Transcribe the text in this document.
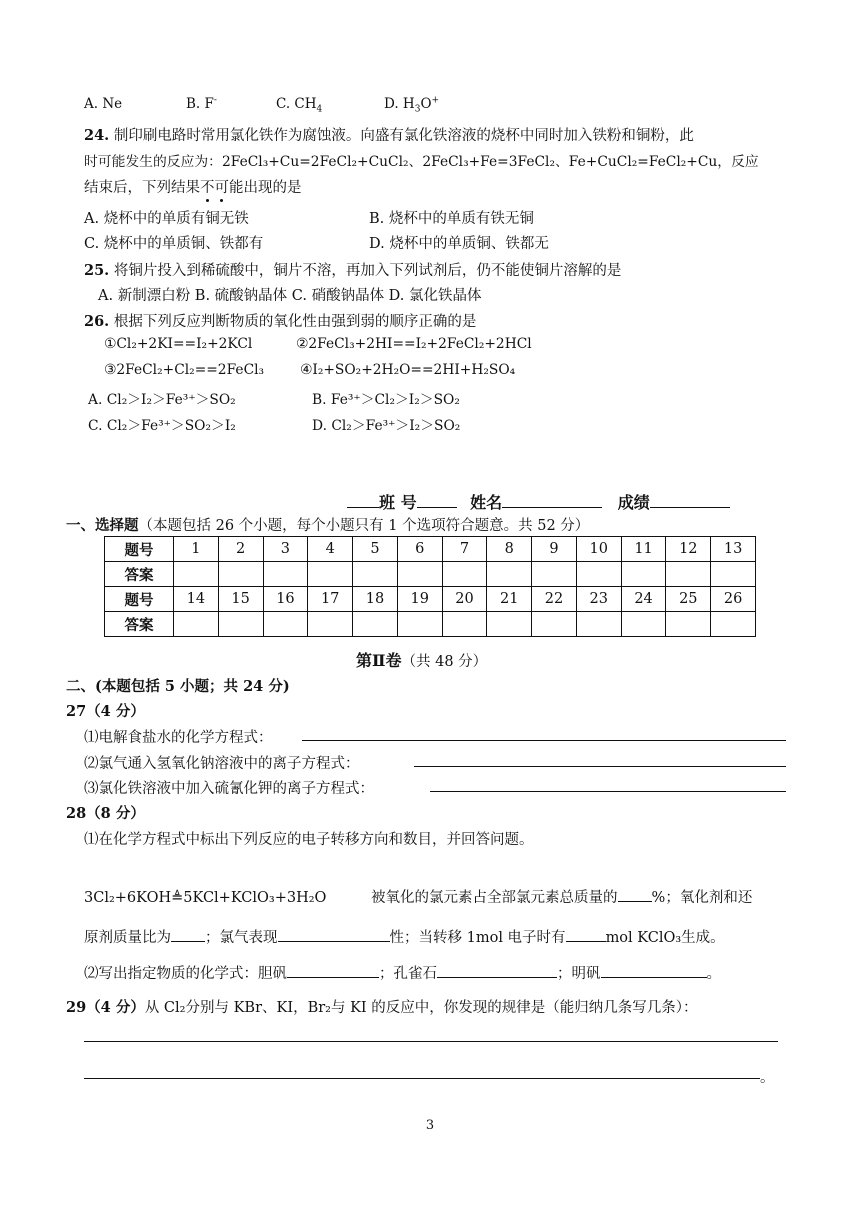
A. Ne	B. F-	C. $CH_4$	D. $H_3O^+$
24. 制印刷电路时常用氯化铁作为腐蚀液。向盛有氯化铁溶液的烧杯中同时加入铁粉和铜粉，此
时可能发生的反应为：2FeCl₃+Cu=2FeCl₂+CuCl₂、2FeCl₃+Fe=3FeCl₂、Fe+CuCl₂=FeCl₂+Cu，反应
结束后，下列结果不可能出现的是
A. 烧杯中的单质有铜无铁	B. 烧杯中的单质有铁无铜
C. 烧杯中的单质铜、铁都有	D. 烧杯中的单质铜、铁都无
25. 将铜片投入到稀硫酸中，铜片不溶，再加入下列试剂后，仍不能使铜片溶解的是
A. 新制漂白粉 B. 硫酸钠晶体 C. 硝酸钠晶体 D. 氯化铁晶体
26. 根据下列反应判断物质的氧化性由强到弱的顺序正确的是
①Cl₂+2KI==I₂+2KCl	②2FeCl₃+2HI==I₂+2FeCl₂+2HCl
③2FeCl₂+Cl₂==2FeCl₃	④I₂+SO₂+2H₂O==2HI+H₂SO₄
A. Cl₂＞I₂＞Fe³⁺＞SO₂	B. Fe³⁺＞Cl₂＞I₂＞SO₂
C. Cl₂＞Fe³⁺＞SO₂＞I₂	D. Cl₂＞Fe³⁺＞I₂＞SO₂
班 号	姓名	成绩
一、选择题（本题包括 26 个小题，每个小题只有 1 个选项符合题意。共 52 分）
题号	1	2	3	4	5	6	7	8	9	10	11	12	13
答案													
题号	14	15	16	17	18	19	20	21	22	23	24	25	26
答案													
第Ⅱ卷（共 48 分）
二、(本题包括 5 小题；共 24 分)
27（4 分）
⑴电解食盐水的化学方程式：
⑵氯气通入氢氧化钠溶液中的离子方程式：
⑶氯化铁溶液中加入硫氰化钾的离子方程式：
28（8 分）
⑴在化学方程式中标出下列反应的电子转移方向和数目，并回答问题。
3Cl₂+6KOH≜5KCl+KClO₃+3H₂O	被氧化的氯元素占全部氯元素总质量的 %；氧化剂和还
原剂质量比为 ；氯气表现	性；当转移 1mol 电子时有	mol KClO₃生成。
⑵写出指定物质的化学式：胆矾	；孔雀石	；明矾	。
29（4 分）从 Cl₂分别与 KBr、KI，Br₂与 KI 的反应中，你发现的规律是（能归纳几条写几条）：
。
3
